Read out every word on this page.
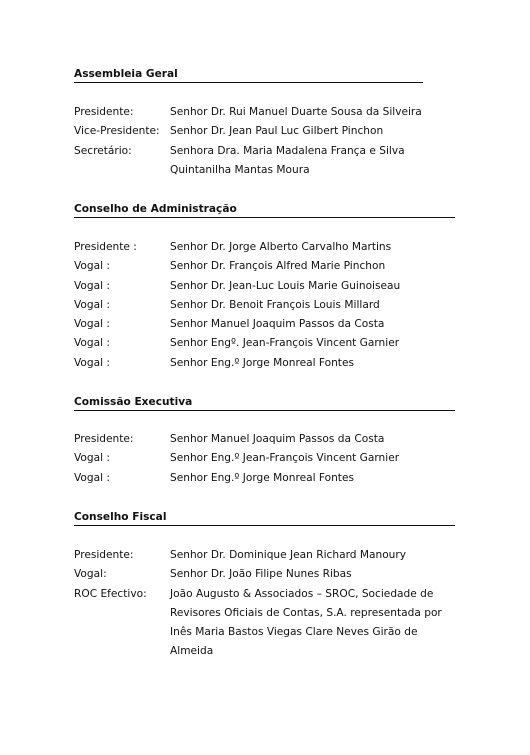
Assembleia Geral
Presidente:	Senhor Dr. Rui Manuel Duarte Sousa da Silveira
Vice-Presidente: Senhor Dr. Jean Paul Luc Gilbert Pinchon
Secretário:	Senhora Dra. Maria Madalena França e Silva
Quintanilha Mantas Moura
Conselho de Administração
Presidente :	Senhor Dr. Jorge Alberto Carvalho Martins
Vogal :	Senhor Dr. François Alfred Marie Pinchon
Vogal :	Senhor Dr. Jean-Luc Louis Marie Guinoiseau
Vogal :	Senhor Dr. Benoit François Louis Millard
Vogal :	Senhor Manuel Joaquim Passos da Costa
Vogal :	Senhor Engº. Jean-François Vincent Garnier
Vogal :	Senhor Eng.º Jorge Monreal Fontes
Comissão Executiva
Presidente:	Senhor Manuel Joaquim Passos da Costa
Vogal :	Senhor Eng.º Jean-François Vincent Garnier
Vogal :	Senhor Eng.º Jorge Monreal Fontes
Conselho Fiscal
Presidente:	Senhor Dr. Dominique Jean Richard Manoury
Vogal:	Senhor Dr. João Filipe Nunes Ribas
ROC Efectivo: João Augusto & Associados – SROC, Sociedade de
Revisores Oficiais de Contas, S.A. representada por
Inês Maria Bastos Viegas Clare Neves Girão de
Almeida
